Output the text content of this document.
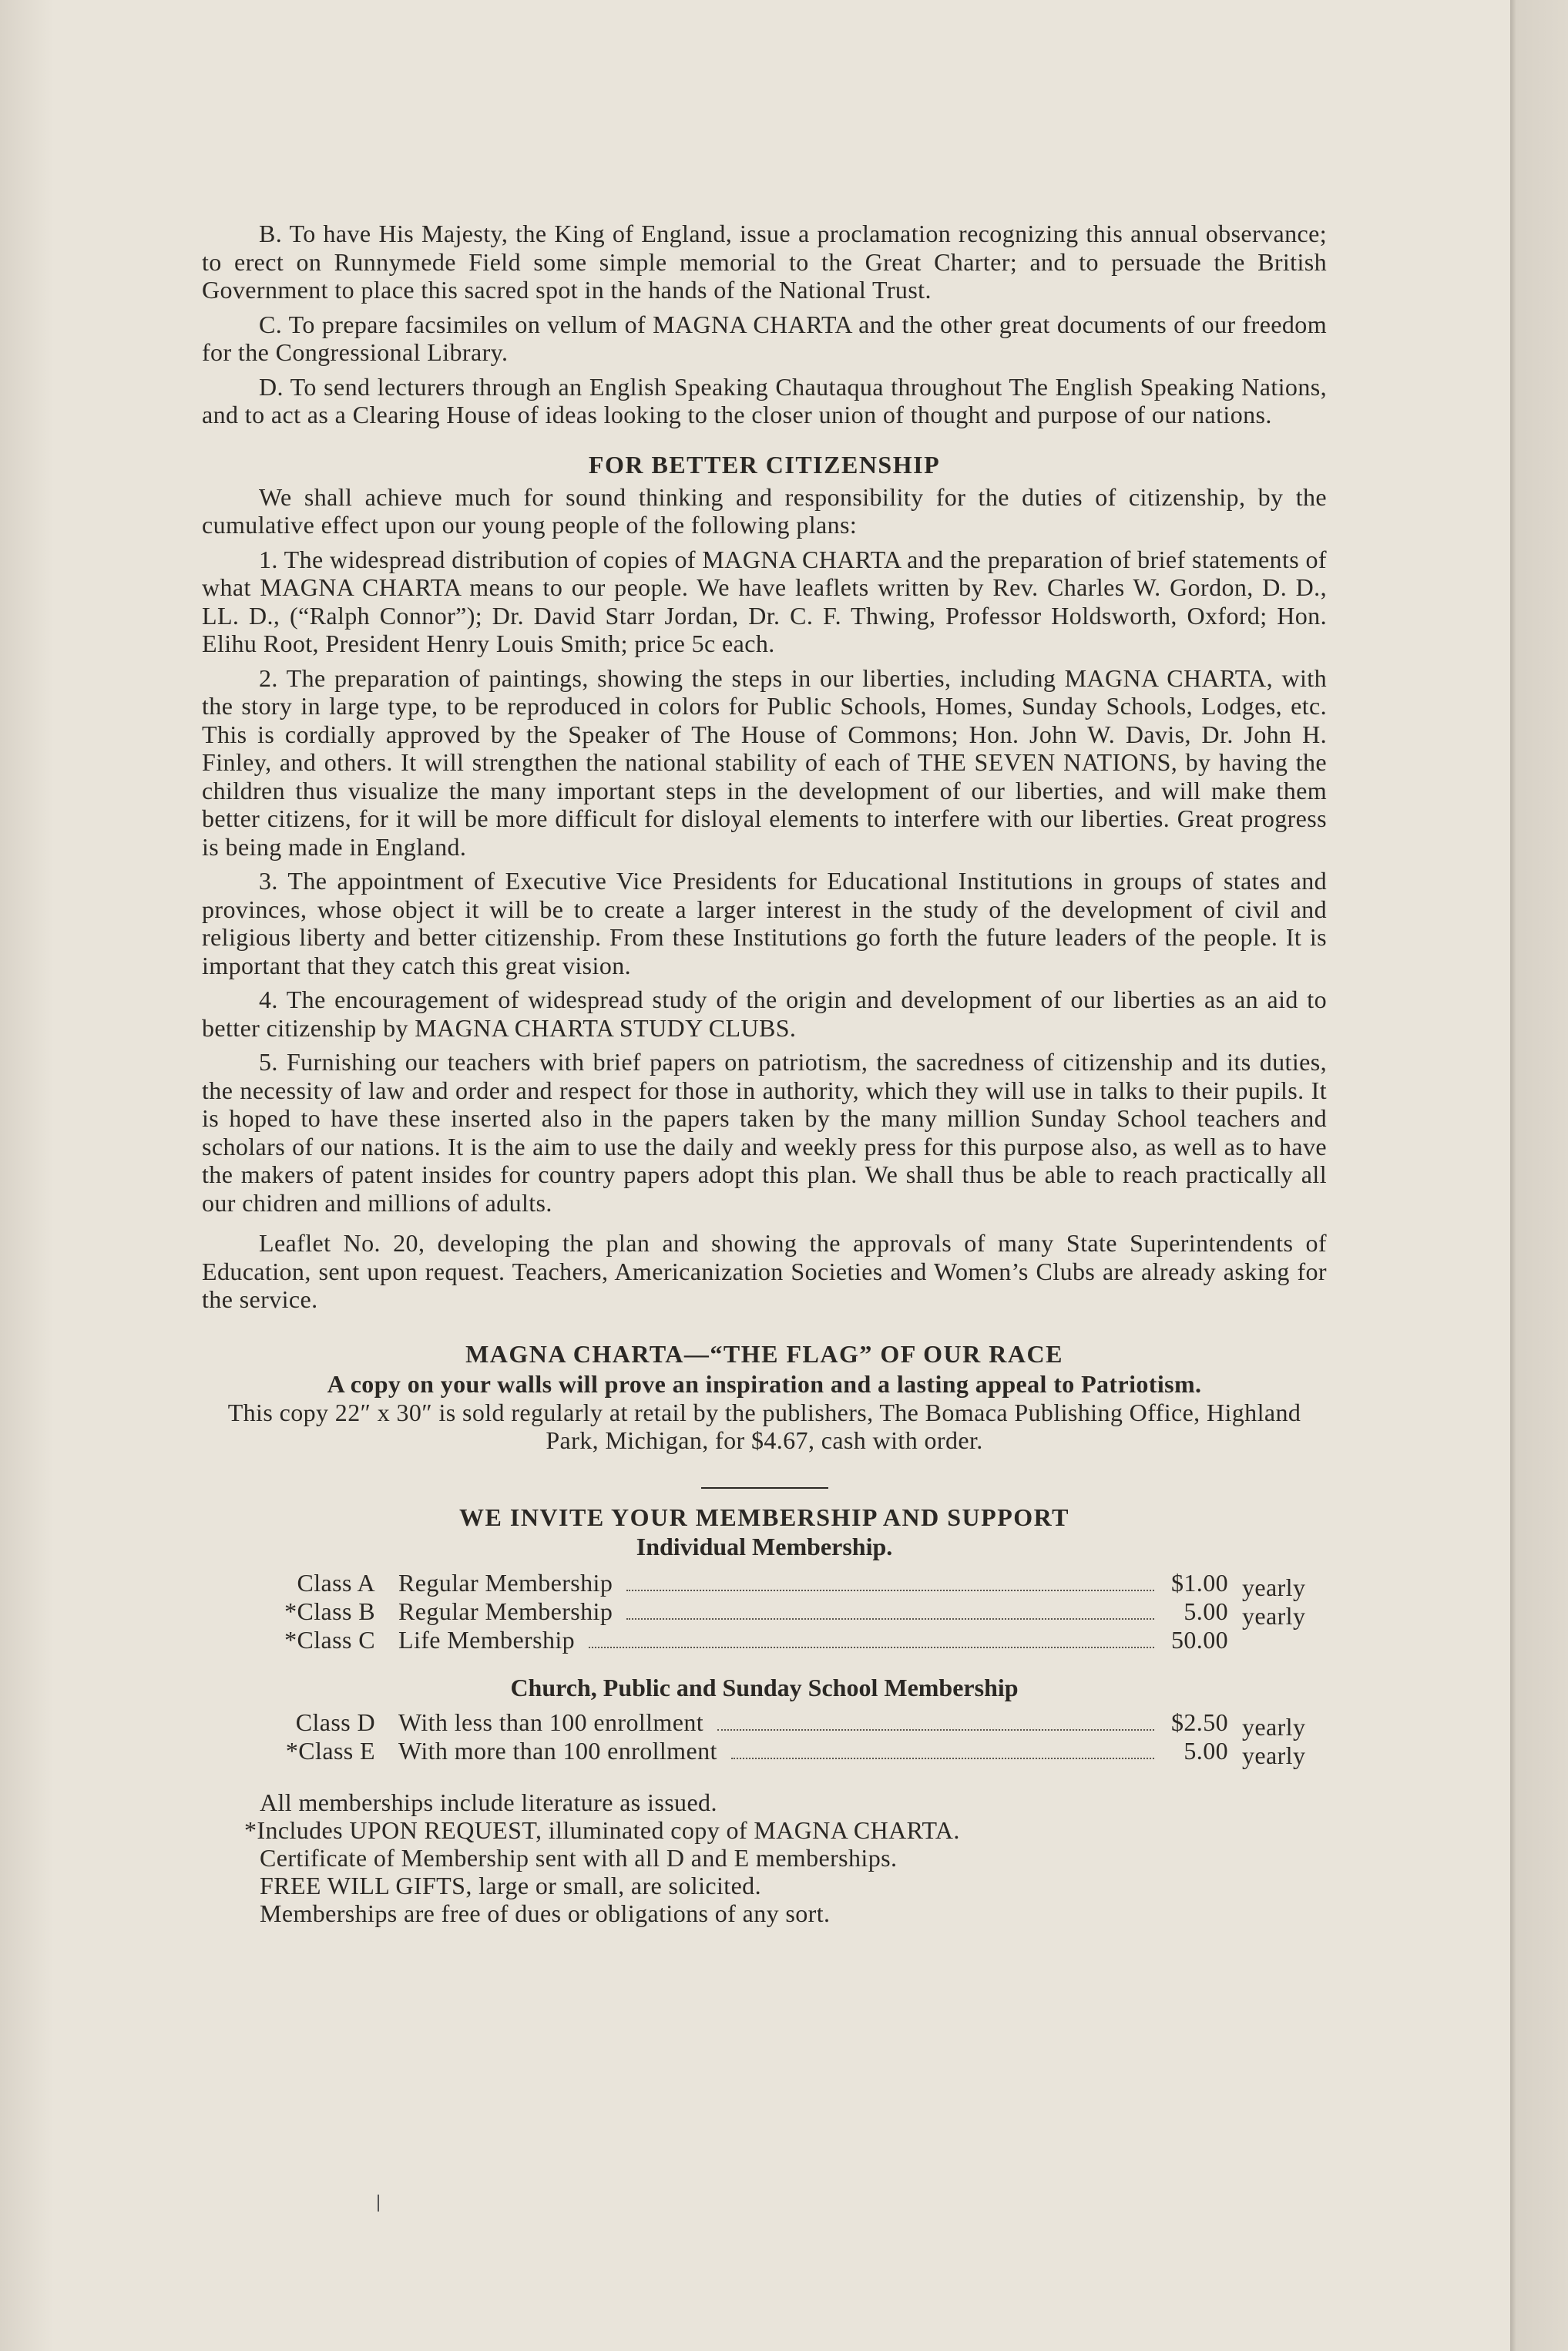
B. To have His Majesty, the King of England, issue a proclamation recognizing this annual observance; to erect on Runnymede Field some simple memorial to the Great Charter; and to persuade the British Government to place this sacred spot in the hands of the National Trust.

C. To prepare facsimiles on vellum of MAGNA CHARTA and the other great documents of our freedom for the Congressional Library.

D. To send lecturers through an English Speaking Chautaqua throughout The English Speaking Nations, and to act as a Clearing House of ideas looking to the closer union of thought and purpose of our nations.

FOR BETTER CITIZENSHIP

We shall achieve much for sound thinking and responsibility for the duties of citizenship, by the cumulative effect upon our young people of the following plans:

1. The widespread distribution of copies of MAGNA CHARTA and the preparation of brief statements of what MAGNA CHARTA means to our people. We have leaflets written by Rev. Charles W. Gordon, D. D., LL. D., (“Ralph Connor”); Dr. David Starr Jordan, Dr. C. F. Thwing, Professor Holdsworth, Oxford; Hon. Elihu Root, President Henry Louis Smith; price 5c each.

2. The preparation of paintings, showing the steps in our liberties, including MAGNA CHARTA, with the story in large type, to be reproduced in colors for Public Schools, Homes, Sunday Schools, Lodges, etc. This is cordially approved by the Speaker of The House of Commons; Hon. John W. Davis, Dr. John H. Finley, and others. It will strengthen the national stability of each of THE SEVEN NATIONS, by having the children thus visualize the many important steps in the development of our liberties, and will make them better citizens, for it will be more difficult for disloyal elements to interfere with our liberties. Great progress is being made in England.

3. The appointment of Executive Vice Presidents for Educational Institutions in groups of states and provinces, whose object it will be to create a larger interest in the study of the development of civil and religious liberty and better citizenship. From these Institutions go forth the future leaders of the people. It is important that they catch this great vision.

4. The encouragement of widespread study of the origin and development of our liberties as an aid to better citizenship by MAGNA CHARTA STUDY CLUBS.

5. Furnishing our teachers with brief papers on patriotism, the sacredness of citizenship and its duties, the necessity of law and order and respect for those in authority, which they will use in talks to their pupils. It is hoped to have these inserted also in the papers taken by the many million Sunday School teachers and scholars of our nations. It is the aim to use the daily and weekly press for this purpose also, as well as to have the makers of patent insides for country papers adopt this plan. We shall thus be able to reach practically all our chidren and millions of adults.

Leaflet No. 20, developing the plan and showing the approvals of many State Superintendents of Education, sent upon request. Teachers, Americanization Societies and Women’s Clubs are already asking for the service.

MAGNA CHARTA—“THE FLAG” OF OUR RACE

A copy on your walls will prove an inspiration and a lasting appeal to Patriotism.

This copy 22″ x 30″ is sold regularly at retail by the publishers, The Bomaca Publishing Office, Highland Park, Michigan, for $4.67, cash with order.

WE INVITE YOUR MEMBERSHIP AND SUPPORT
Individual Membership.
Class A Regular Membership	$1.00 yearly
*Class B Regular Membership	5.00 yearly
*Class C Life Membership	50.00
Church, Public and Sunday School Membership
Class D With less than 100 enrollment	$2.50 yearly
*Class E With more than 100 enrollment	5.00 yearly
All memberships include literature as issued.
*Includes UPON REQUEST, illuminated copy of MAGNA CHARTA.
Certificate of Membership sent with all D and E memberships.
FREE WILL GIFTS, large or small, are solicited.
Memberships are free of dues or obligations of any sort.
